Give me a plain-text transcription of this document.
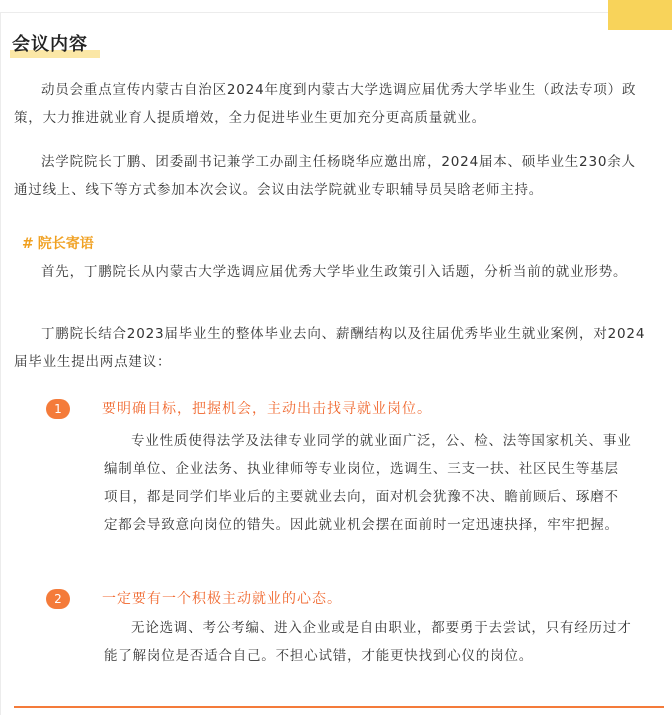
会议内容
动员会重点宣传内蒙古自治区2024年度到内蒙古大学选调应届优秀大学毕业生（政法专项）政策，大力推进就业育人提质增效，全力促进毕业生更加充分更高质量就业。
法学院院长丁鹏、团委副书记兼学工办副主任杨晓华应邀出席，2024届本、硕毕业生230余人通过线上、线下等方式参加本次会议。会议由法学院就业专职辅导员吴晗老师主持。
# 院长寄语
首先，丁鹏院长从内蒙古大学选调应届优秀大学毕业生政策引入话题，分析当前的就业形势。
丁鹏院长结合2023届毕业生的整体毕业去向、薪酬结构以及往届优秀毕业生就业案例，对2024届毕业生提出两点建议：
1	要明确目标，把握机会，主动出击找寻就业岗位。
专业性质使得法学及法律专业同学的就业面广泛，公、检、法等国家机关、事业编制单位、企业法务、执业律师等专业岗位，选调生、三支一扶、社区民生等基层项目，都是同学们毕业后的主要就业去向，面对机会犹豫不决、瞻前顾后、琢磨不定都会导致意向岗位的错失。因此就业机会摆在面前时一定迅速抉择，牢牢把握。
2	一定要有一个积极主动就业的心态。
无论选调、考公考编、进入企业或是自由职业，都要勇于去尝试，只有经历过才能了解岗位是否适合自己。不担心试错，才能更快找到心仪的岗位。
